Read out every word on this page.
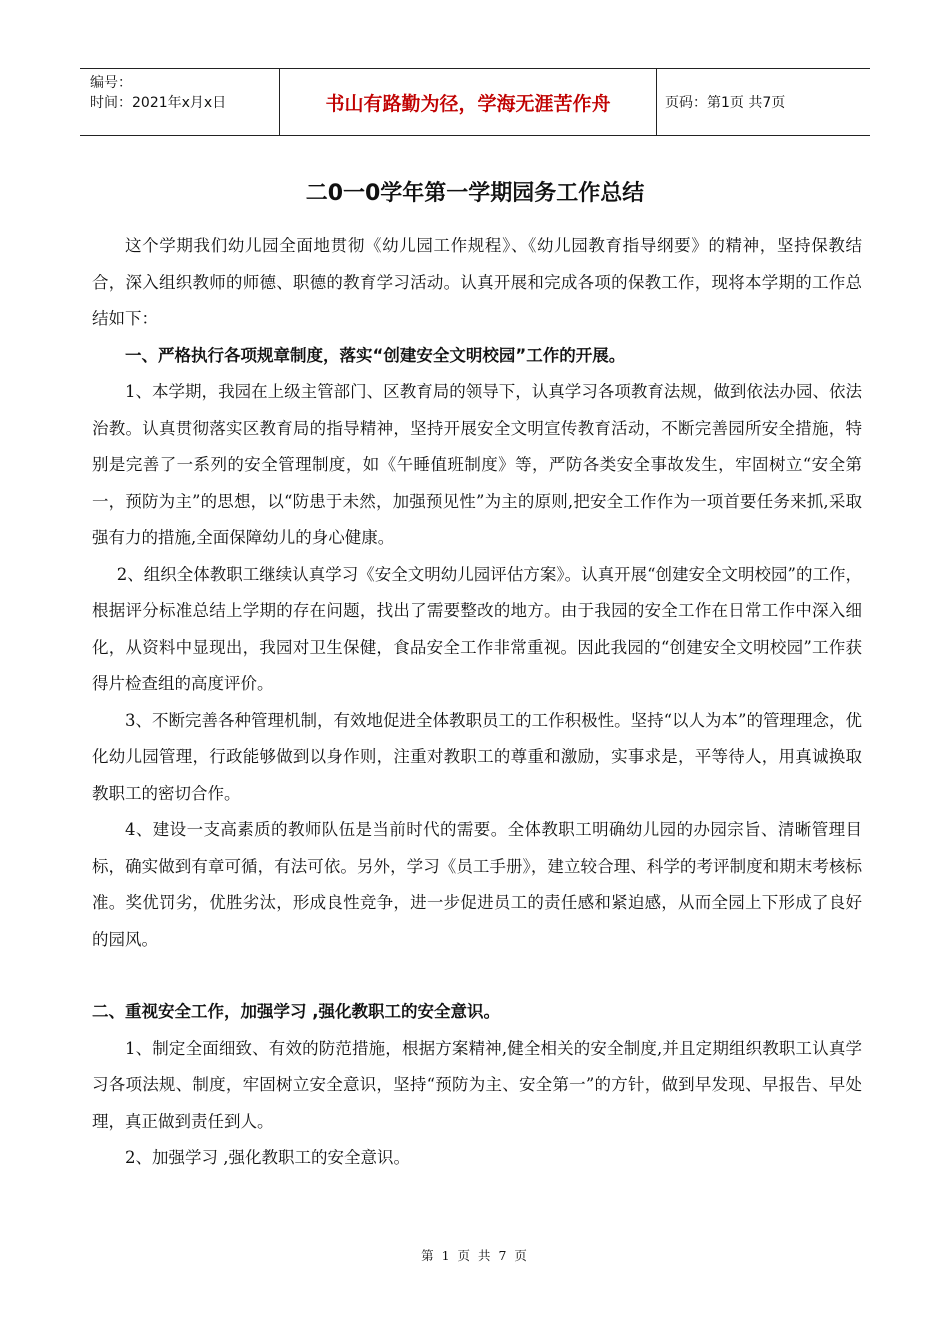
编号：
时间：2021年x月x日	书山有路勤为径，学海无涯苦作舟	页码：第1页 共7页
二0一0学年第一学期园务工作总结

这个学期我们幼儿园全面地贯彻《幼儿园工作规程》、《幼儿园教育指导纲要》的精神，坚持保教结合，深入组织教师的师德、职德的教育学习活动。认真开展和完成各项的保教工作，现将本学期的工作总结如下：

一、严格执行各项规章制度，落实“创建安全文明校园”工作的开展。

1、本学期，我园在上级主管部门、区教育局的领导下，认真学习各项教育法规，做到依法办园、依法治教。认真贯彻落实区教育局的指导精神，坚持开展安全文明宣传教育活动，不断完善园所安全措施，特别是完善了一系列的安全管理制度，如《午睡值班制度》等，严防各类安全事故发生，牢固树立“安全第一，预防为主”的思想，以“防患于未然，加强预见性”为主的原则,把安全工作作为一项首要任务来抓,采取强有力的措施,全面保障幼儿的身心健康。

2、组织全体教职工继续认真学习《安全文明幼儿园评估方案》。认真开展“创建安全文明校园”的工作，根据评分标准总结上学期的存在问题，找出了需要整改的地方。由于我园的安全工作在日常工作中深入细化，从资料中显现出，我园对卫生保健，食品安全工作非常重视。因此我园的“创建安全文明校园”工作获得片检查组的高度评价。

3、不断完善各种管理机制，有效地促进全体教职员工的工作积极性。坚持“以人为本”的管理理念，优化幼儿园管理，行政能够做到以身作则，注重对教职工的尊重和激励，实事求是，平等待人，用真诚换取教职工的密切合作。

4、建设一支高素质的教师队伍是当前时代的需要。全体教职工明确幼儿园的办园宗旨、清晰管理目标，确实做到有章可循，有法可依。另外，学习《员工手册》，建立较合理、科学的考评制度和期末考核标准。奖优罚劣，优胜劣汰，形成良性竞争，进一步促进员工的责任感和紧迫感，从而全园上下形成了良好的园风。

二、重视安全工作，加强学习 ,强化教职工的安全意识。

1、制定全面细致、有效的防范措施，根据方案精神,健全相关的安全制度,并且定期组织教职工认真学习各项法规、制度，牢固树立安全意识，坚持“预防为主、安全第一”的方针，做到早发现、早报告、早处理，真正做到责任到人。

2、加强学习 ,强化教职工的安全意识。

第 1 页 共 7 页
